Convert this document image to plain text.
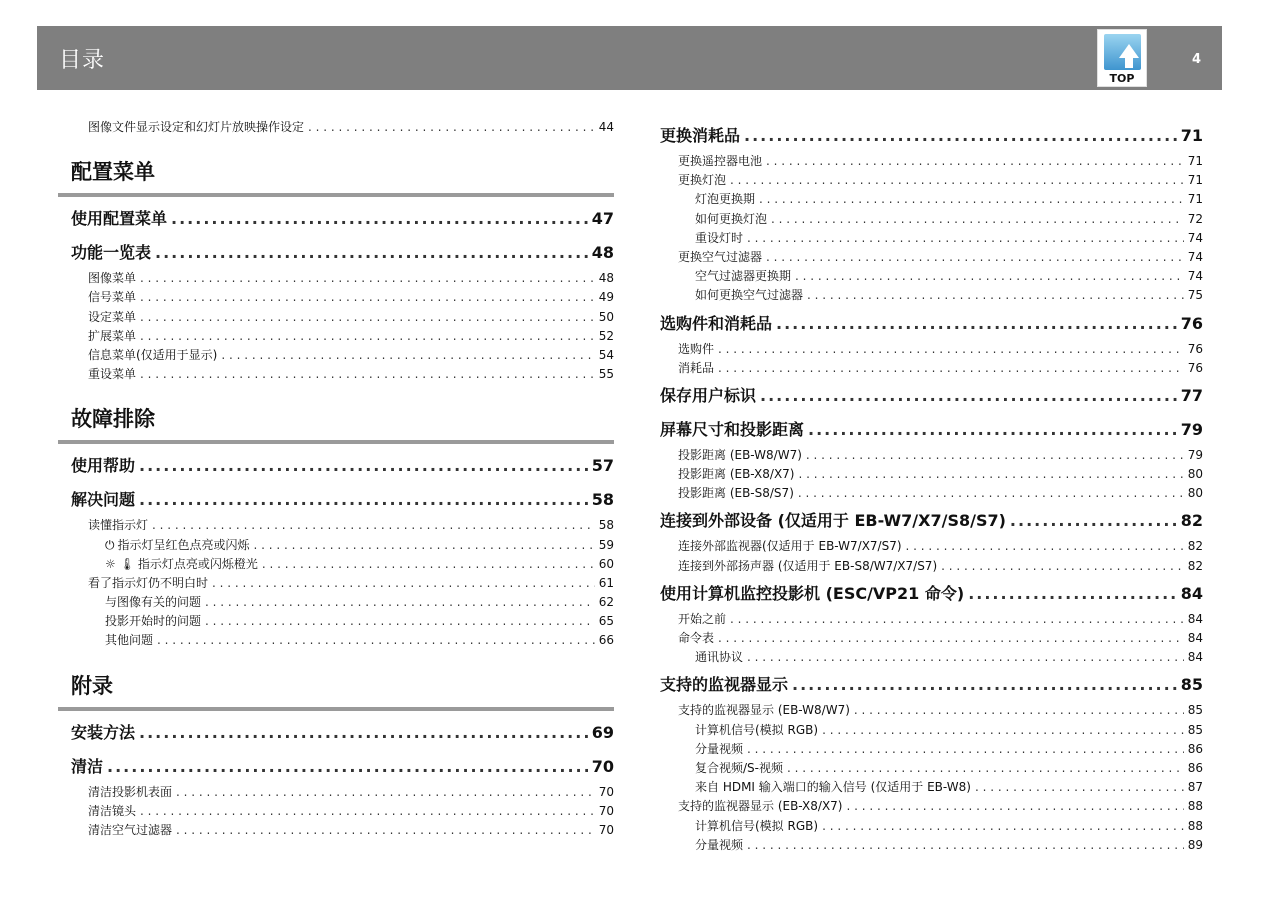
目录
TOP
4
图像文件显示设定和幻灯片放映操作设定 . . .	44
配置菜单
使用配置菜单 .....	47
功能一览表 .....	48
图像菜单 . . .	48
信号菜单 . . .	49
设定菜单 . . .	50
扩展菜单 . . .	52
信息菜单(仅适用于显示) . . .	54
重设菜单 . . .	55
故障排除
使用帮助 .....	57
解决问题 .....	58
读懂指示灯 . . .	58
⏻ 指示灯呈红色点亮或闪烁 . . .	59
☼ 🌡 指示灯点亮或闪烁橙光 . . .	60
看了指示灯仍不明白时 . . .	61
与图像有关的问题 . . .	62
投影开始时的问题 . . .	65
其他问题 . . .	66
附录
安装方法 .....	69
清洁 .....	70
清洁投影机表面 . . .	70
清洁镜头 . . .	70
清洁空气过滤器 . . .	70
更换消耗品 .....	71
更换遥控器电池 . . .	71
更换灯泡 . . .	71
灯泡更换期 . . .	71
如何更换灯泡 . . .	72
重设灯时 . . .	74
更换空气过滤器 . . .	74
空气过滤器更换期 . . .	74
如何更换空气过滤器 . . .	75
选购件和消耗品 .....	76
选购件 . . .	76
消耗品 . . .	76
保存用户标识 .....	77
屏幕尺寸和投影距离 .....	79
投影距离 (EB-W8/W7) . . .	79
投影距离 (EB-X8/X7) . . .	80
投影距离 (EB-S8/S7) . . .	80
连接到外部设备 (仅适用于 EB-W7/X7/S8/S7) .....	82
连接外部监视器(仅适用于 EB-W7/X7/S7) . . .	82
连接到外部扬声器 (仅适用于 EB-S8/W7/X7/S7) . . .	82
使用计算机监控投影机 (ESC/VP21 命令) .....	84
开始之前 . . .	84
命令表 . . .	84
通讯协议 . . .	84
支持的监视器显示 .....	85
支持的监视器显示 (EB-W8/W7) . . .	85
计算机信号(模拟 RGB) . . .	85
分量视频 . . .	86
复合视频/S-视频 . . .	86
来自 HDMI 输入端口的输入信号 (仅适用于 EB-W8) . . .	87
支持的监视器显示 (EB-X8/X7) . . .	88
计算机信号(模拟 RGB) . . .	88
分量视频 . . .	89
